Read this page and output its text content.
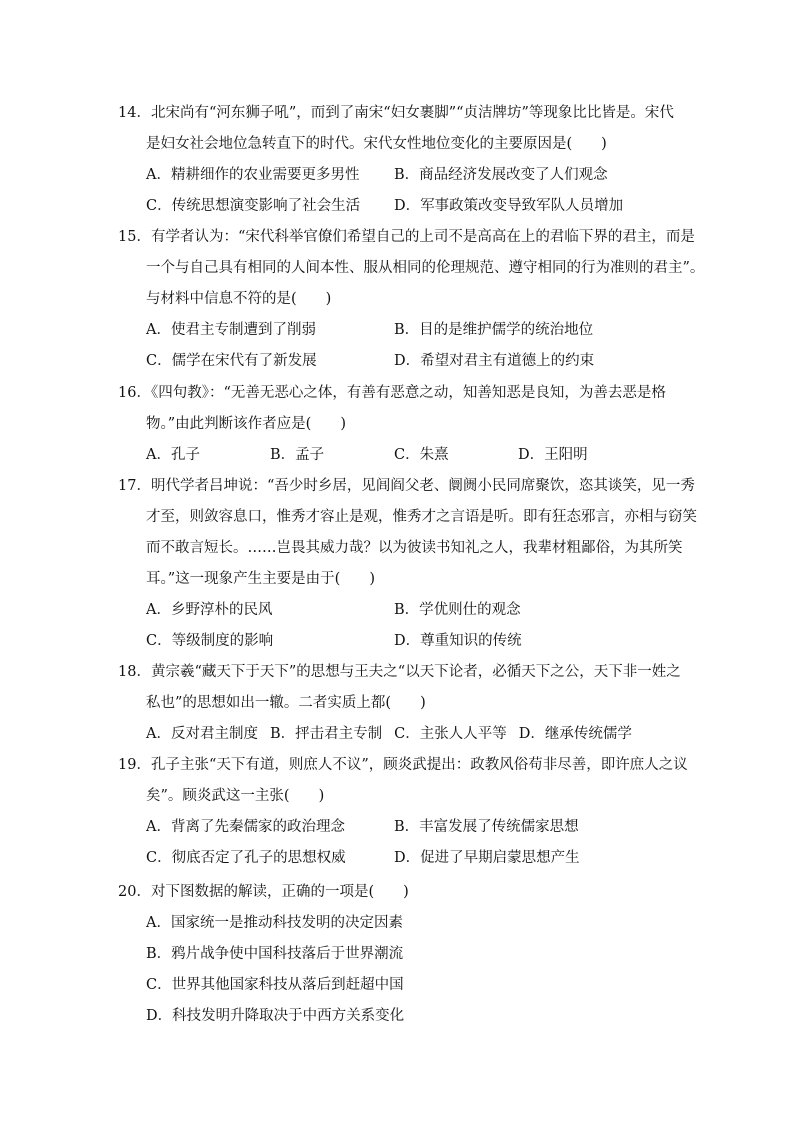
14．北宋尚有“河东狮子吼”，而到了南宋“妇女裹脚”“贞洁牌坊”等现象比比皆是。宋代
是妇女社会地位急转直下的时代。宋代女性地位变化的主要原因是(　　)
A．精耕细作的农业需要更多男性	B．商品经济发展改变了人们观念
C．传统思想演变影响了社会生活	D．军事政策改变导致军队人员增加
15．有学者认为：“宋代科举官僚们希望自己的上司不是高高在上的君临下界的君主，而是
一个与自己具有相同的人间本性、服从相同的伦理规范、遵守相同的行为准则的君主”。
与材料中信息不符的是(　　)
A．使君主专制遭到了削弱	B．目的是维护儒学的统治地位
C．儒学在宋代有了新发展	D．希望对君主有道德上的约束
16．《四句教》：“无善无恶心之体，有善有恶意之动，知善知恶是良知，为善去恶是格
物。”由此判断该作者应是(　　)
A．孔子	B．孟子	C．朱熹	D．王阳明
17．明代学者吕坤说：“吾少时乡居，见闾阎父老、阛阓小民同席聚饮，恣其谈笑，见一秀
才至，则敛容息口，惟秀才容止是观，惟秀才之言语是听。即有狂态邪言，亦相与窃笑
而不敢言短长。……岂畏其威力哉？以为彼读书知礼之人，我辈材粗鄙俗，为其所笑
耳。”这一现象产生主要是由于(　　)
A．乡野淳朴的民风	B．学优则仕的观念
C．等级制度的影响	D．尊重知识的传统
18．黄宗羲“藏天下于天下”的思想与王夫之“以天下论者，必循天下之公，天下非一姓之
私也”的思想如出一辙。二者实质上都(　　)
A．反对君主制度 B．抨击君主专制 C．主张人人平等 D．继承传统儒学
19．孔子主张“天下有道，则庶人不议”，顾炎武提出：政教风俗苟非尽善，即许庶人之议
矣”。顾炎武这一主张(　　)
A．背离了先秦儒家的政治理念	B．丰富发展了传统儒家思想
C．彻底否定了孔子的思想权威	D．促进了早期启蒙思想产生
20．对下图数据的解读，正确的一项是(　　)
A．国家统一是推动科技发明的决定因素
B．鸦片战争使中国科技落后于世界潮流
C．世界其他国家科技从落后到赶超中国
D．科技发明升降取决于中西方关系变化
